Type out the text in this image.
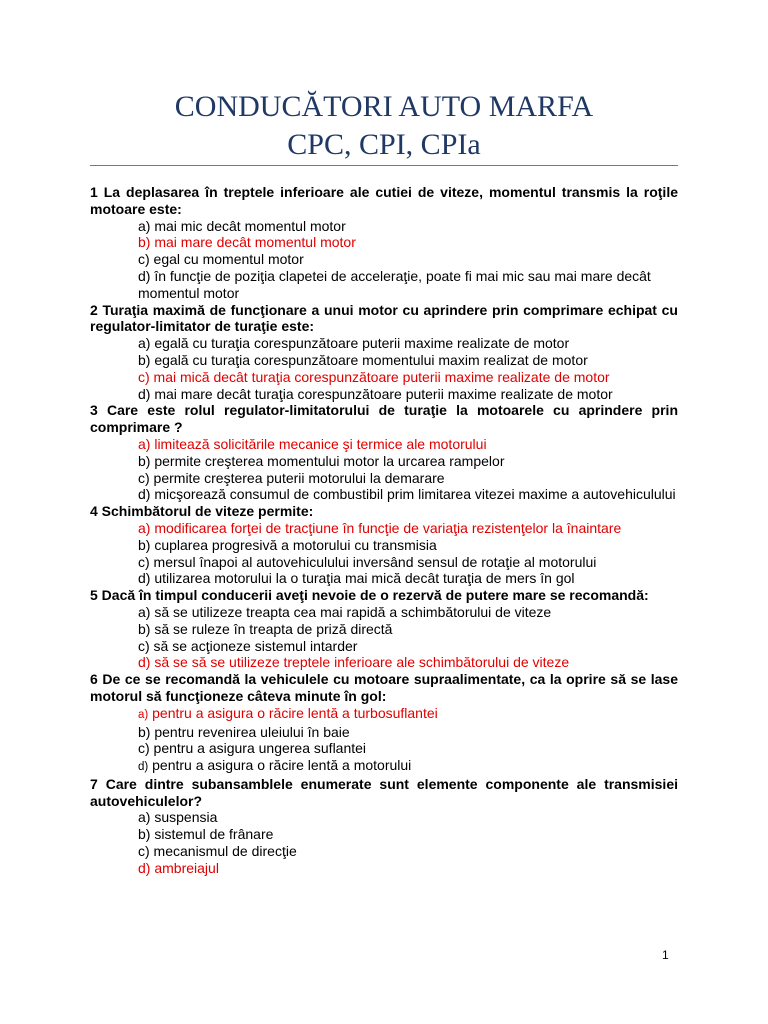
CONDUCĂTORI AUTO MARFA
CPC, CPI, CPIa
1 La deplasarea în treptele inferioare ale cutiei de viteze, momentul transmis la roţile motoare este:
a) mai mic decât momentul motor
b) mai mare decât momentul motor
c) egal cu momentul motor
d) în funcţie de poziţia clapetei de acceleraţie, poate fi mai mic sau mai mare decât momentul motor
2 Turaţia maximă de funcţionare a unui motor cu aprindere prin comprimare echipat cu regulator-limitator de turaţie este:
a) egală cu turaţia corespunzătoare puterii maxime realizate de motor
b) egală cu turaţia corespunzătoare momentului maxim realizat de motor
c) mai mică decât turaţia corespunzătoare puterii maxime realizate de motor
d) mai mare decât turaţia corespunzătoare puterii maxime realizate de motor
3 Care este rolul regulator-limitatorului de turaţie la motoarele cu aprindere prin comprimare ?
a) limitează solicitările mecanice şi termice ale motorului
b) permite creşterea momentului motor la urcarea rampelor
c) permite creşterea puterii motorului la demarare
d) micşorează consumul de combustibil prim limitarea vitezei maxime a autovehiculului
4 Schimbătorul de viteze permite:
a) modificarea forţei de tracţiune în funcţie de variaţia rezistenţelor la înaintare
b) cuplarea progresivă a motorului cu transmisia
c) mersul înapoi al autovehiculului inversând sensul de rotaţie al motorului
d) utilizarea motorului la o turaţia mai mică decât turaţia de mers în gol
5 Dacă în timpul conducerii aveţi nevoie de o rezervă de putere mare se recomandă:
a) să se utilizeze treapta cea mai rapidă a schimbătorului de viteze
b) să se ruleze în treapta de priză directă
c) să se acţioneze sistemul intarder
d) să se să se utilizeze treptele inferioare ale schimbătorului de viteze
6 De ce se recomandă la vehiculele cu motoare supraalimentate, ca la oprire să se lase motorul să funcţioneze câteva minute în gol:
a) pentru a asigura o răcire lentă a turbosuflantei
b) pentru revenirea uleiului în baie
c) pentru a asigura ungerea suflantei
d) pentru a asigura o răcire lentă a motorului
7 Care dintre subansamblele enumerate sunt elemente componente ale transmisiei autovehiculelor?
a) suspensia
b) sistemul de frânare
c) mecanismul de direcţie
d) ambreiajul
1
